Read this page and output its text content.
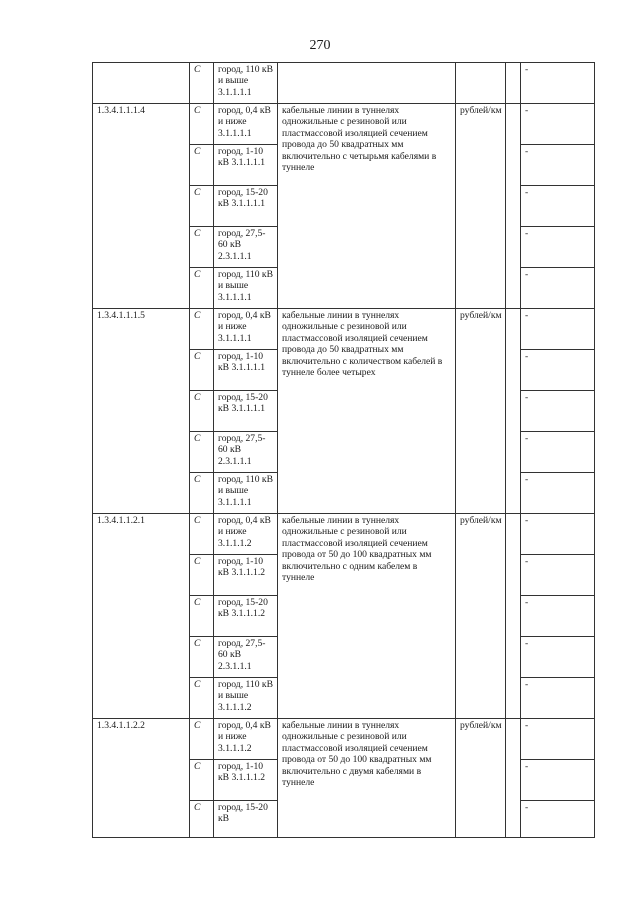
270
	С	город, 110 кВ и выше 3.1.1.1.1				-
1.3.4.1.1.1.4	С	город, 0,4 кВ и ниже 3.1.1.1.1	кабельные линии в туннелях одножильные с резиновой или пластмассовой изоляцией сечением провода до 50 квадратных мм включительно с четырьмя кабелями в туннеле	рублей/км		-
	С	город, 1-10 кВ 3.1.1.1.1				-
	С	город, 15-20 кВ 3.1.1.1.1				-
	С	город, 27,5-60 кВ 2.3.1.1.1				-
	С	город, 110 кВ и выше 3.1.1.1.1				-
1.3.4.1.1.1.5	С	город, 0,4 кВ и ниже 3.1.1.1.1	кабельные линии в туннелях одножильные с резиновой или пластмассовой изоляцией сечением провода до 50 квадратных мм включительно с количеством кабелей в туннеле более четырех	рублей/км		-
	С	город, 1-10 кВ 3.1.1.1.1				-
	С	город, 15-20 кВ 3.1.1.1.1				-
	С	город, 27,5-60 кВ 2.3.1.1.1				-
	С	город, 110 кВ и выше 3.1.1.1.1				-
1.3.4.1.1.2.1	С	город, 0,4 кВ и ниже 3.1.1.1.2	кабельные линии в туннелях одножильные с резиновой или пластмассовой изоляцией сечением провода от 50 до 100 квадратных мм включительно с одним кабелем в туннеле	рублей/км		-
	С	город, 1-10 кВ 3.1.1.1.2				-
	С	город, 15-20 кВ 3.1.1.1.2				-
	С	город, 27,5-60 кВ 2.3.1.1.1				-
	С	город, 110 кВ и выше 3.1.1.1.2				-
1.3.4.1.1.2.2	С	город, 0,4 кВ и ниже 3.1.1.1.2	кабельные линии в туннелях одножильные с резиновой или пластмассовой изоляцией сечением провода от 50 до 100 квадратных мм включительно с двумя кабелями в туннеле	рублей/км		-
	С	город, 1-10 кВ 3.1.1.1.2				-
	С	город, 15-20 кВ				-
